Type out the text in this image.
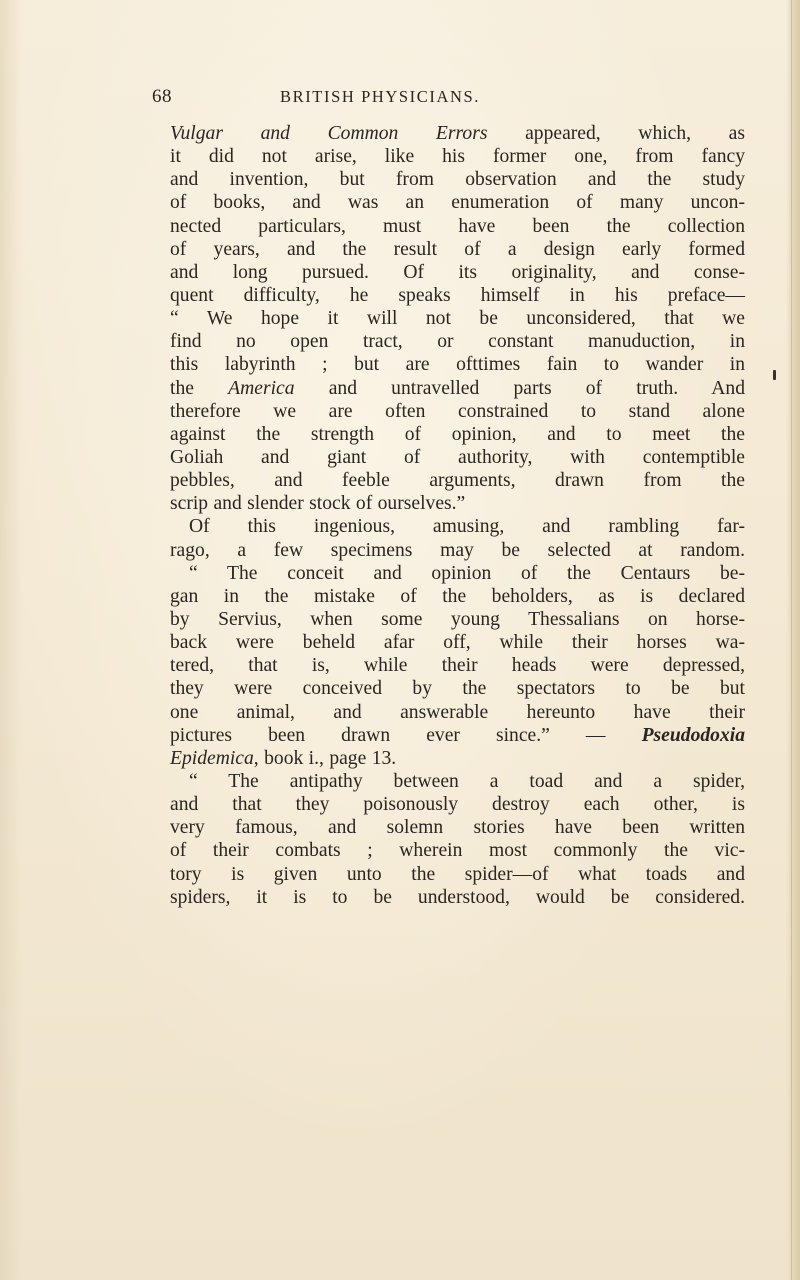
68	BRITISH PHYSICIANS.
Vulgar and Common Errors appeared, which, as
it did not arise, like his former one, from fancy
and invention, but from observation and the study
of books, and was an enumeration of many uncon-
nected particulars, must have been the collection
of years, and the result of a design early formed
and long pursued. Of its originality, and conse-
quent difficulty, he speaks himself in his preface—
“ We hope it will not be unconsidered, that we
find no open tract, or constant manuduction, in
this labyrinth ; but are ofttimes fain to wander in
the America and untravelled parts of truth. And
therefore we are often constrained to stand alone
against the strength of opinion, and to meet the
Goliah and giant of authority, with contemptible
pebbles, and feeble arguments, drawn from the
scrip and slender stock of ourselves.”
Of this ingenious, amusing, and rambling far-
rago, a few specimens may be selected at random.
“ The conceit and opinion of the Centaurs be-
gan in the mistake of the beholders, as is declared
by Servius, when some young Thessalians on horse-
back were beheld afar off, while their horses wa-
tered, that is, while their heads were depressed,
they were conceived by the spectators to be but
one animal, and answerable hereunto have their
pictures been drawn ever since.” — Pseudodoxia
Epidemica, book i., page 13.
“ The antipathy between a toad and a spider,
and that they poisonously destroy each other, is
very famous, and solemn stories have been written
of their combats ; wherein most commonly the vic-
tory is given unto the spider—of what toads and
spiders, it is to be understood, would be considered.
